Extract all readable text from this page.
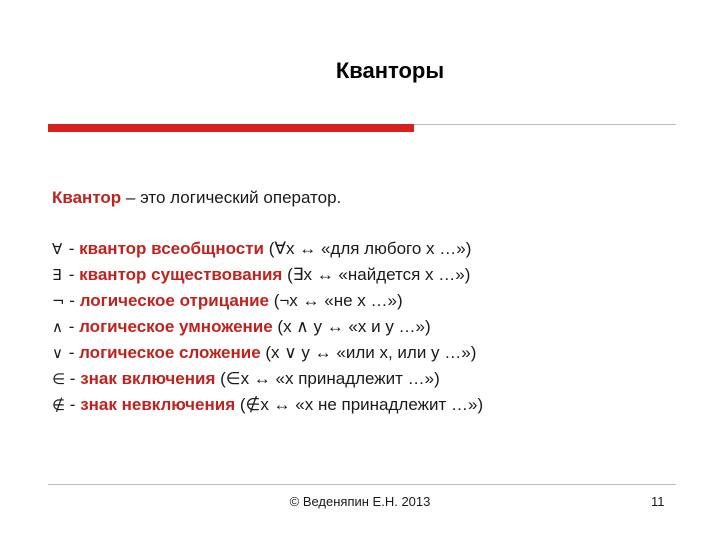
Кванторы
Квантор – это логический оператор.
∀ - квантор всеобщности (∀x ↔ «для любого x …»)
∃ - квантор существования (∃x ↔ «найдется x …»)
¬ - логическое отрицание (¬x ↔ «не x …»)
∧ - логическое умножение (x ∧ y ↔ «x и y …»)
∨ - логическое сложение (x ∨ y ↔ «или x, или y …»)
∈ - знак включения (∈x ↔ «x принадлежит …»)
∉ - знак невключения (∉x ↔ «x не принадлежит …»)
© Веденяпин Е.Н. 2013	11
